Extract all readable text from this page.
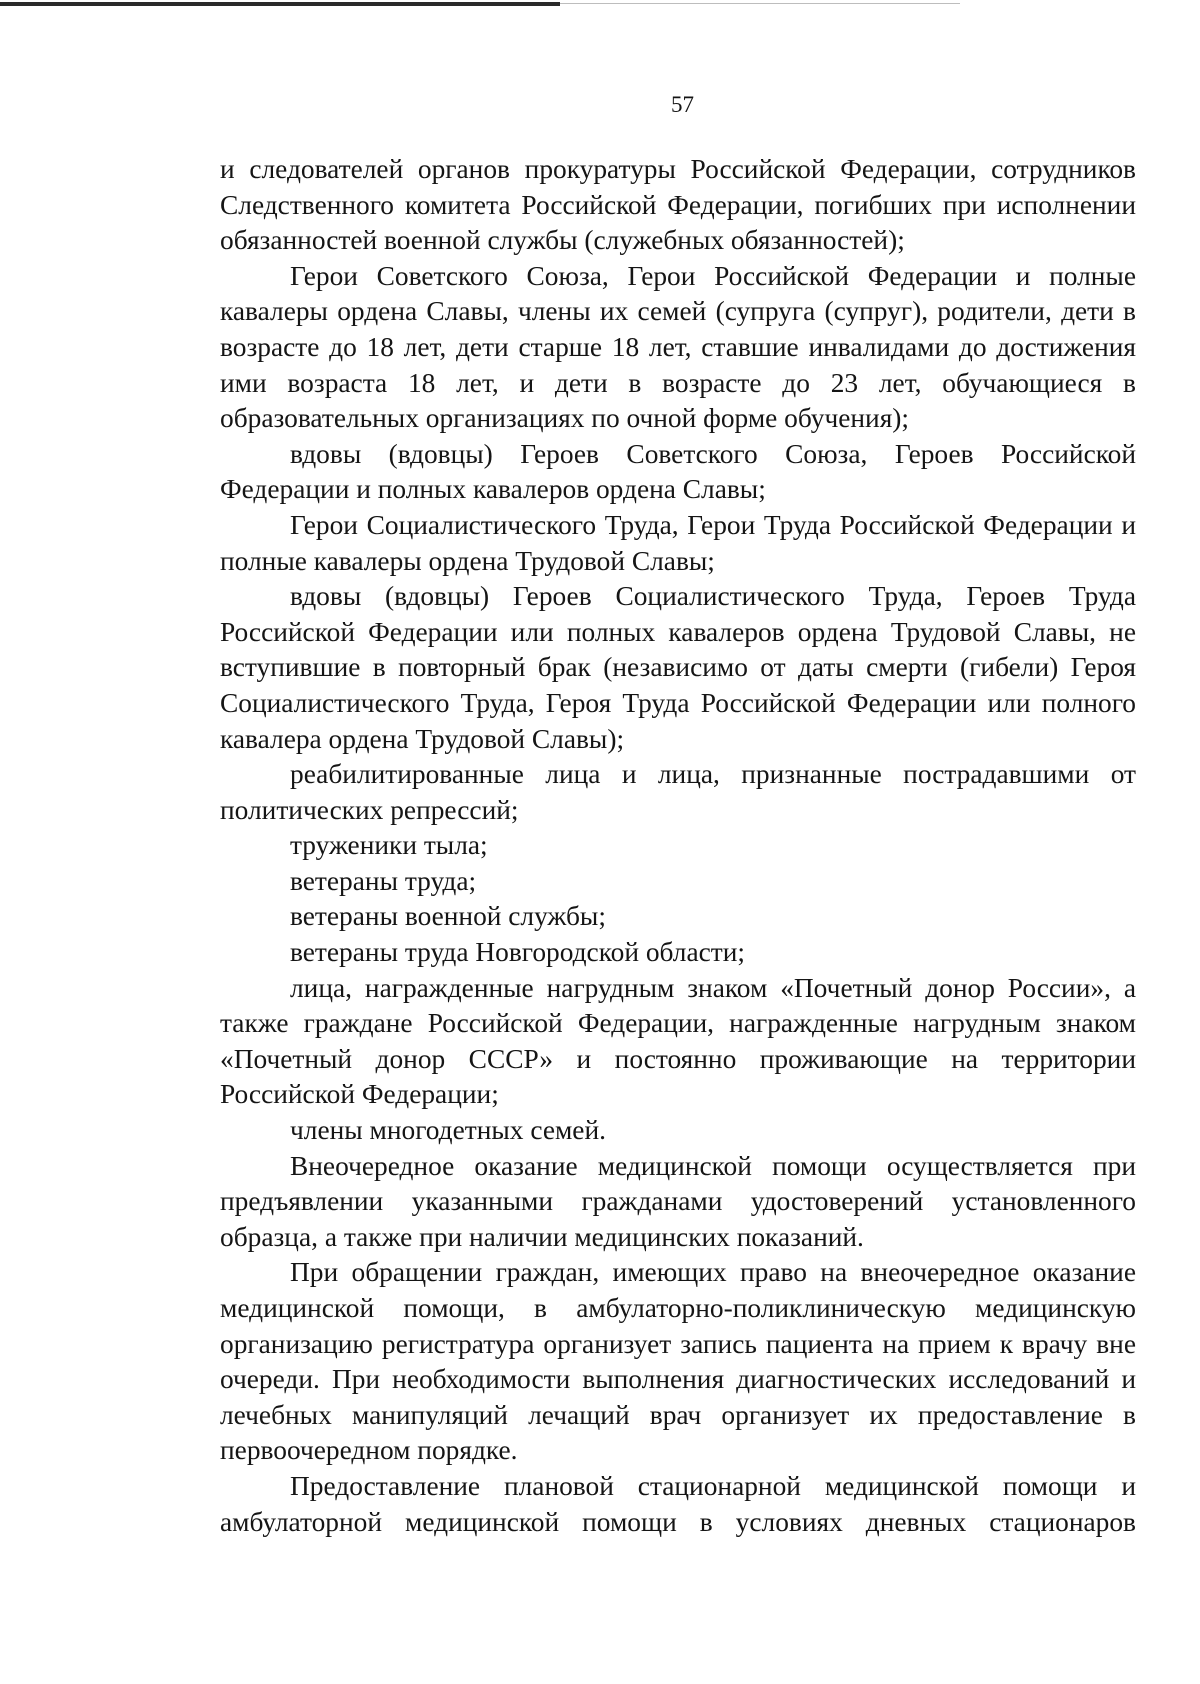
57

и следователей органов прокуратуры Российской Федерации, сотрудников Следственного комитета Российской Федерации, погибших при исполнении обязанностей военной службы (служебных обязанностей);

Герои Советского Союза, Герои Российской Федерации и полные кавалеры ордена Славы, члены их семей (супруга (супруг), родители, дети в возрасте до 18 лет, дети старше 18 лет, ставшие инвалидами до достижения ими возраста 18 лет, и дети в возрасте до 23 лет, обучающиеся в образовательных организациях по очной форме обучения);

вдовы (вдовцы) Героев Советского Союза, Героев Российской Федерации и полных кавалеров ордена Славы;

Герои Социалистического Труда, Герои Труда Российской Федерации и полные кавалеры ордена Трудовой Славы;

вдовы (вдовцы) Героев Социалистического Труда, Героев Труда Российской Федерации или полных кавалеров ордена Трудовой Славы, не вступившие в повторный брак (независимо от даты смерти (гибели) Героя Социалистического Труда, Героя Труда Российской Федерации или полного кавалера ордена Трудовой Славы);

реабилитированные лица и лица, признанные пострадавшими от политических репрессий;

труженики тыла;

ветераны труда;

ветераны военной службы;

ветераны труда Новгородской области;

лица, награжденные нагрудным знаком «Почетный донор России», а также граждане Российской Федерации, награжденные нагрудным знаком «Почетный донор СССР» и постоянно проживающие на территории Российской Федерации;

члены многодетных семей.

Внеочередное оказание медицинской помощи осуществляется при предъявлении указанными гражданами удостоверений установленного образца, а также при наличии медицинских показаний.

При обращении граждан, имеющих право на внеочередное оказание медицинской помощи, в амбулаторно-поликлиническую медицинскую организацию регистратура организует запись пациента на прием к врачу вне очереди. При необходимости выполнения диагностических исследований и лечебных манипуляций лечащий врач организует их предоставление в первоочередном порядке.

Предоставление плановой стационарной медицинской помощи и амбулаторной медицинской помощи в условиях дневных стационаров
